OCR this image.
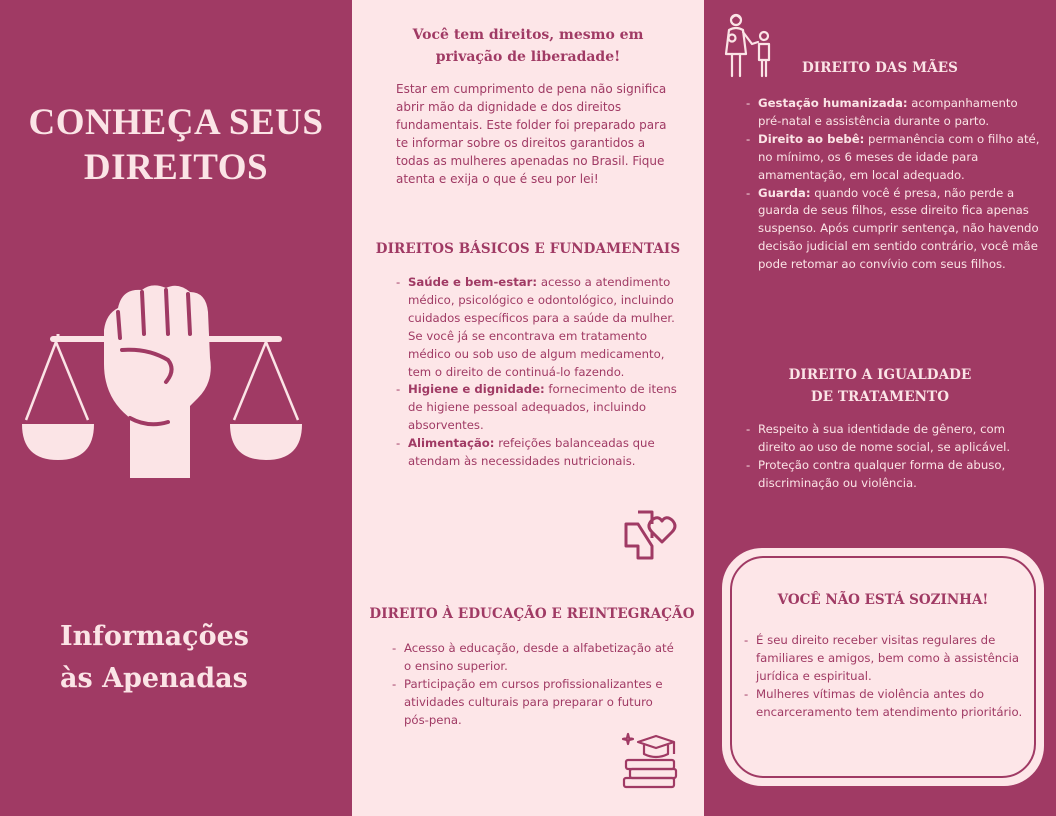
CONHEÇA SEUS
DIREITOS
Informações
às Apenadas
Você tem direitos, mesmo em
privação de liberadade!

Estar em cumprimento de pena não significa abrir mão da dignidade e dos direitos fundamentais. Este folder foi preparado para te informar sobre os direitos garantidos a todas as mulheres apenadas no Brasil. Fique atenta e exija o que é seu por lei!

DIREITOS BÁSICOS E FUNDAMENTAIS
- Saúde e bem-estar: acesso a atendimento médico, psicológico e odontológico, incluindo cuidados específicos para a saúde da mulher. Se você já se encontrava em tratamento médico ou sob uso de algum medicamento, tem o direito de continuá-lo fazendo.
- Higiene e dignidade: fornecimento de itens de higiene pessoal adequados, incluindo absorventes.
- Alimentação: refeições balanceadas que atendam às necessidades nutricionais.
DIREITO À EDUCAÇÃO E REINTEGRAÇÃO
- Acesso à educação, desde a alfabetização até o ensino superior.
- Participação em cursos profissionalizantes e atividades culturais para preparar o futuro pós-pena.
DIREITO DAS MÃES
- Gestação humanizada: acompanhamento pré-natal e assistência durante o parto.
- Direito ao bebê: permanência com o filho até, no mínimo, os 6 meses de idade para amamentação, em local adequado.
- Guarda: quando você é presa, não perde a guarda de seus filhos, esse direito fica apenas suspenso. Após cumprir sentença, não havendo decisão judicial em sentido contrário, você mãe pode retomar ao convívio com seus filhos.
DIREITO A IGUALDADE
DE TRATAMENTO
- Respeito à sua identidade de gênero, com direito ao uso de nome social, se aplicável.
- Proteção contra qualquer forma de abuso, discriminação ou violência.
VOCÊ NÃO ESTÁ SOZINHA!
- É seu direito receber visitas regulares de familiares e amigos, bem como à assistência jurídica e espiritual.
- Mulheres vítimas de violência antes do encarceramento tem atendimento prioritário.
